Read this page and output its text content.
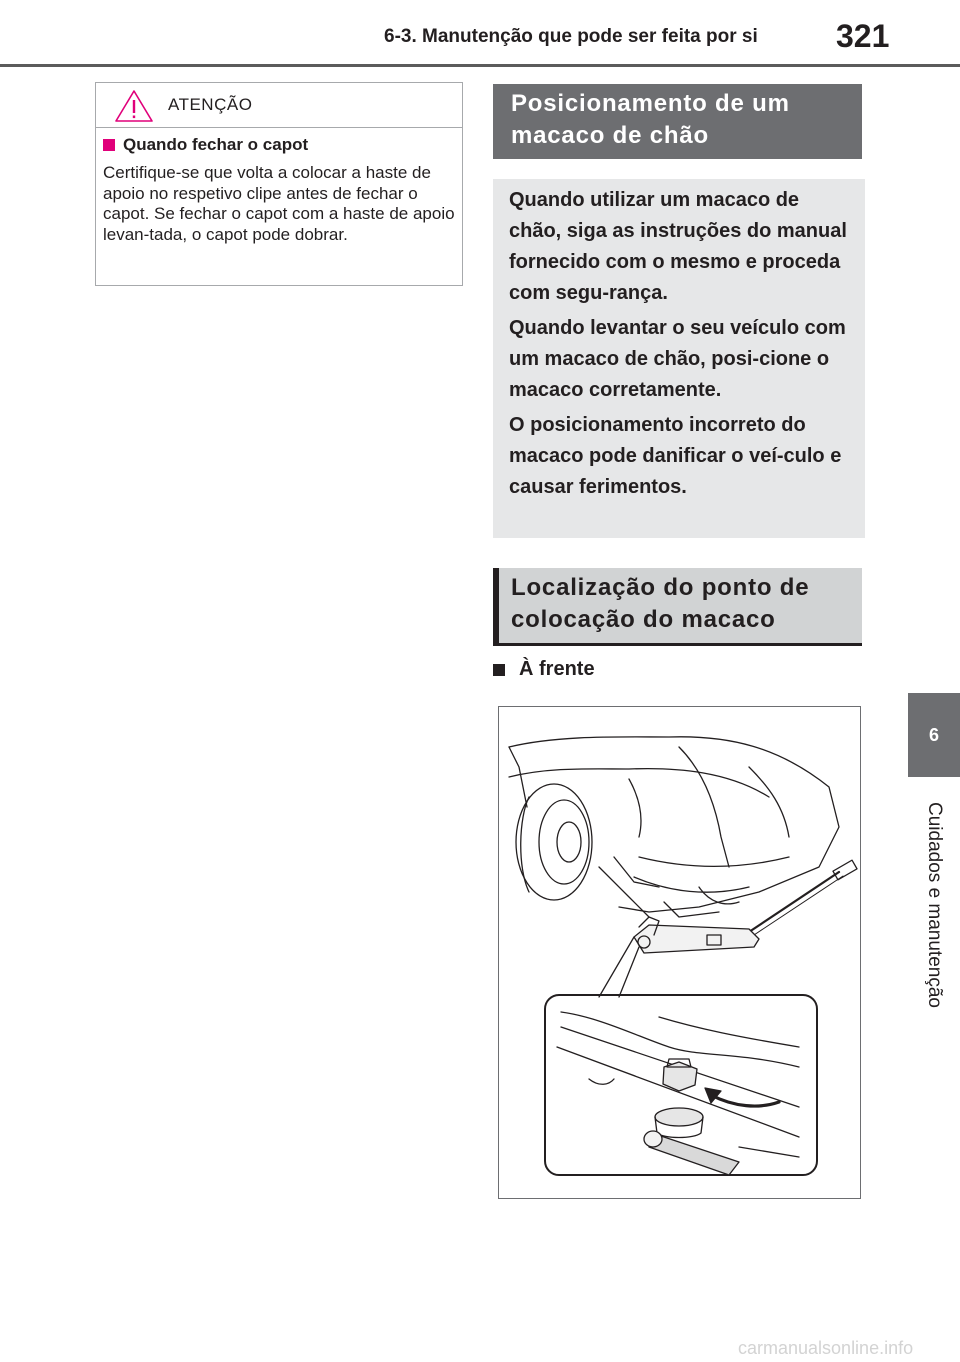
6-3. Manutenção que pode ser feita por si 321
6
Cuidados e manutenção
ATENÇÃO
Quando fechar o capot
Certifique-se que volta a colocar a haste de apoio no respetivo clipe antes de fechar o capot. Se fechar o capot com a haste de apoio levan-tada, o capot pode dobrar.
Posicionamento de um macaco de chão

Quando utilizar um macaco de chão, siga as instruções do manual fornecido com o mesmo e proceda com segu-rança.

Quando levantar o seu veículo com um macaco de chão, posi-cione o macaco corretamente.

O posicionamento incorreto do macaco pode danificar o veí-culo e causar ferimentos.

Localização do ponto de colocação do macaco
À frente
carmanualsonline.info
